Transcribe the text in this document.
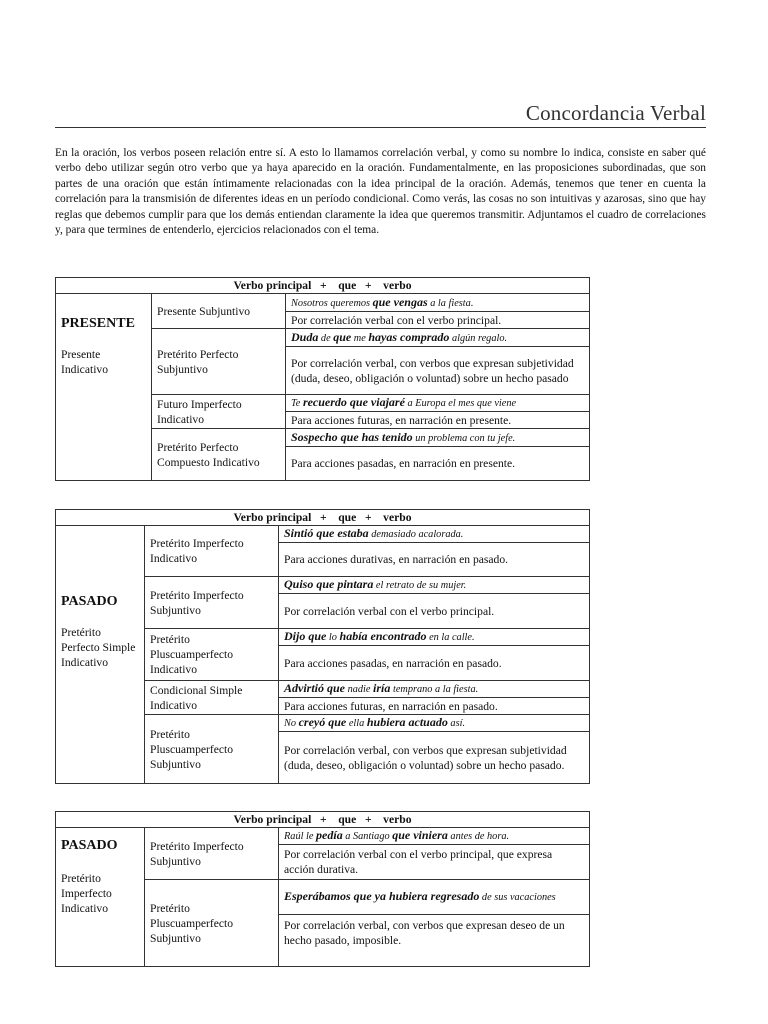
Concordancia Verbal

En la oración, los verbos poseen relación entre sí. A esto lo llamamos correlación verbal, y como su nombre lo indica, consiste en saber qué verbo debo utilizar según otro verbo que ya haya aparecido en la oración. Fundamentalmente, en las proposiciones subordinadas, que son partes de una oración que están íntimamente relacionadas con la idea principal de la oración. Además, tenemos que tener en cuenta la correlación para la transmisión de diferentes ideas en un período condicional. Como verás, las cosas no son intuitivas y azarosas, sino que hay reglas que debemos cumplir para que los demás entiendan claramente la idea que queremos transmitir. Adjuntamos el cuadro de correlaciones y, para que termines de entenderlo, ejercicios relacionados con el tema.

Verbo principal   +    que   +    verbo		

PRESENTE
Presente Indicativo	Presente Subjuntivo	Nosotros queremos que vengas a la fiesta.
		Por correlación verbal con el verbo principal.
	Pretérito Perfecto Subjuntivo	Duda de que me hayas comprado algún regalo.
		Por correlación verbal, con verbos que expresan subjetividad (duda, deseo, obligación o voluntad) sobre un hecho pasado
	Futuro Imperfecto Indicativo	Te recuerdo que viajaré a Europa el mes que viene
		Para acciones futuras, en narración en presente.
	Pretérito Perfecto Compuesto Indicativo	Sospecho que has tenido un problema con tu jefe.
		Para acciones pasadas, en narración en presente.
Verbo principal   +    que   +    verbo		

PASADO
Pretérito Perfecto Simple Indicativo	Pretérito Imperfecto Indicativo	Sintió que estaba demasiado acalorada.
		Para acciones durativas, en narración en pasado.
	Pretérito Imperfecto Subjuntivo	Quiso que pintara el retrato de su mujer.
		Por correlación verbal con el verbo principal.
	Pretérito Pluscuamperfecto Indicativo	Dijo que lo había encontrado en la calle.
		Para acciones pasadas, en narración en pasado.
	Condicional Simple Indicativo	Advirtió que nadie iría temprano a la fiesta.
		Para acciones futuras, en narración en pasado.
	Pretérito Pluscuamperfecto Subjuntivo	No creyó que ella hubiera actuado así.
		Por correlación verbal, con verbos que expresan subjetividad (duda, deseo, obligación o voluntad) sobre un hecho pasado.
Verbo principal   +    que   +    verbo		

PASADO
Pretérito Imperfecto Indicativo	Pretérito Imperfecto Subjuntivo	Raúl le pedía a Santiago que viniera antes de hora.
		Por correlación verbal con el verbo principal, que expresa acción durativa.
	Pretérito Pluscuamperfecto Subjuntivo	Esperábamos que ya hubiera regresado de sus vacaciones
		Por correlación verbal, con verbos que expresan deseo de un hecho pasado, imposible.
